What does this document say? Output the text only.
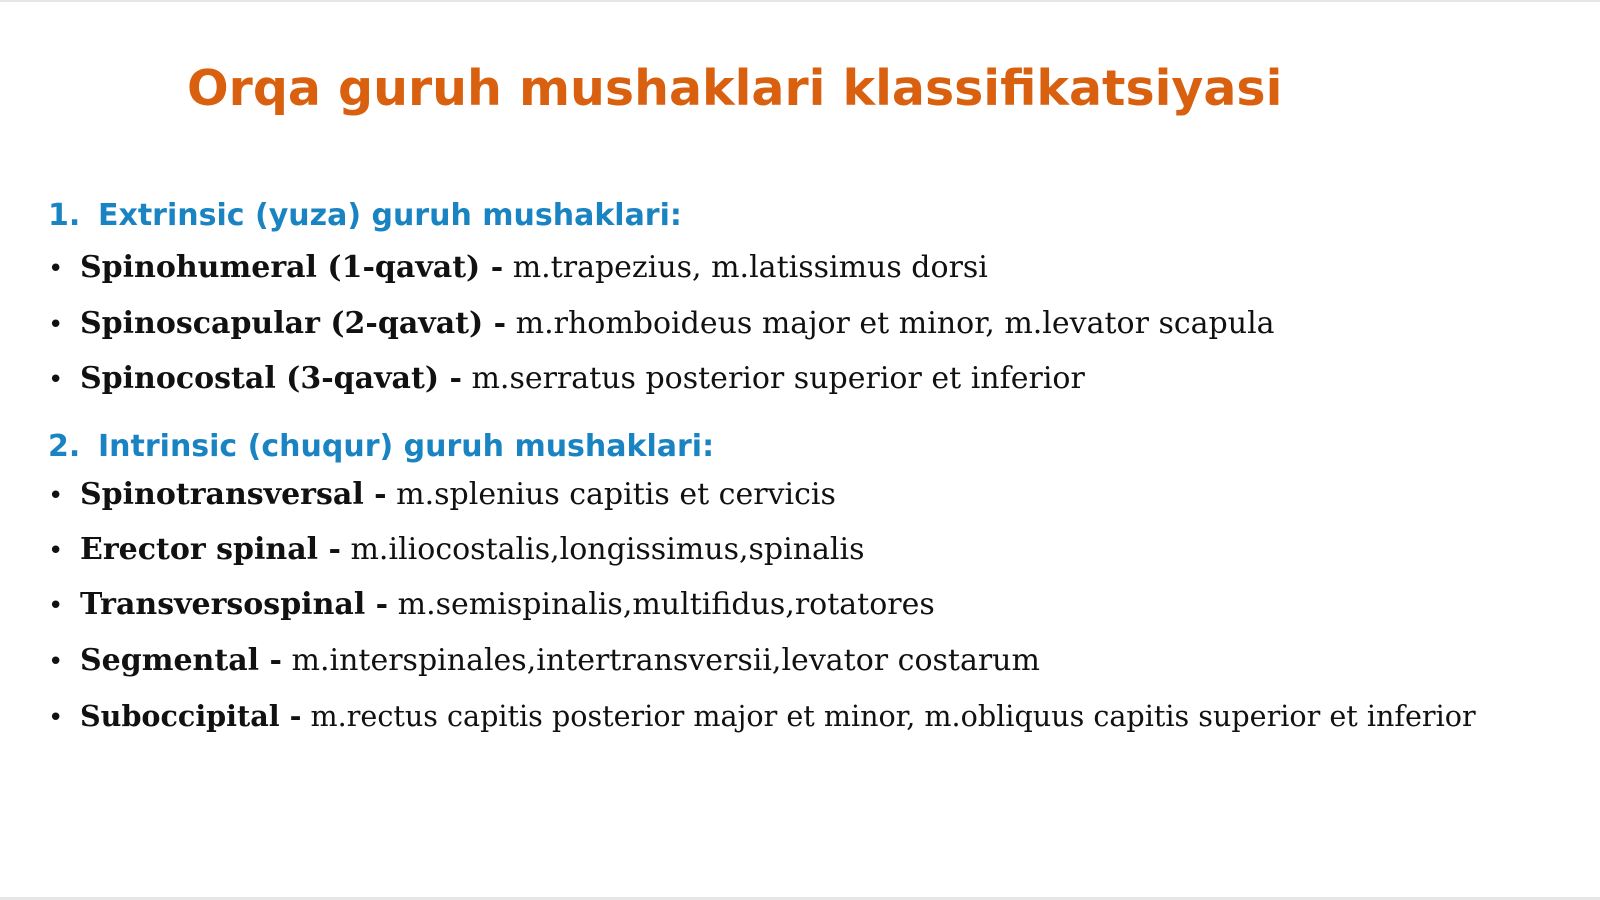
Orqa guruh mushaklari klassifikatsiyasi
1. Extrinsic (yuza) guruh mushaklari:
• Spinohumeral (1-qavat) - m.trapezius, m.latissimus dorsi
• Spinoscapular (2-qavat) - m.rhomboideus major et minor, m.levator scapula
• Spinocostal (3-qavat) - m.serratus posterior superior et inferior
2. Intrinsic (chuqur) guruh mushaklari:
• Spinotransversal - m.splenius capitis et cervicis
• Erector spinal - m.iliocostalis,longissimus,spinalis
• Transversospinal - m.semispinalis,multifidus,rotatores
• Segmental - m.interspinales,intertransversii,levator costarum
• Suboccipital - m.rectus capitis posterior major et minor, m.obliquus capitis superior et inferior
